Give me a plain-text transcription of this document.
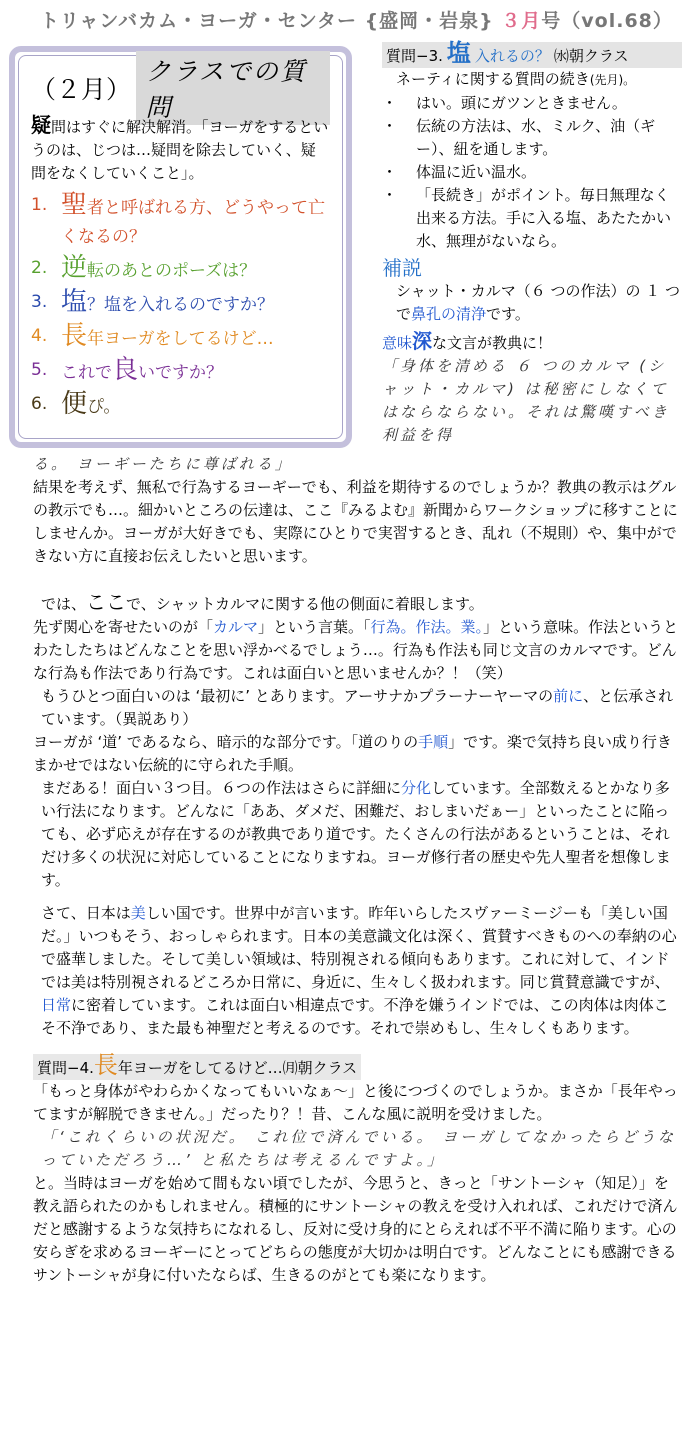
トリャンバカム・ヨーガ・センター {盛岡・岩泉} ３月号（vol.68）
（２月）
クラスでの質問
疑問はすぐに解決解消。「ヨーガをするというのは、じつは…疑問を除去していく、疑問をなくしていくこと」。
1. 聖者と呼ばれる方、どうやって亡くなるの？
2. 逆転のあとのポーズは？
3. 塩？塩を入れるのですか？
4. 長年ヨーガをしてるけど…
5. これで良いですか？
6. 便ぴ。
質問−3. 塩 入れるの？ ㈬朝クラス
ネーティに関する質問の続き(先月)。
・	はい。頭にガツンときません。
・	伝統の方法は、水、ミルク、油（ギー）、紐を通します。
・	体温に近い温水。
・	「長続き」がポイント。毎日無理なく出来る方法。手に入る塩、あたたかい水、無理がないなら。
補説
シャット・カルマ（６ つの作法）の １ つで鼻孔の清浄です。
意味深な文言が教典に！
「身体を清める ６ つのカルマ (シャット・カルマ) は秘密にしなくてはならならない。それは驚嘆すべき利益を得

る。 ヨーギーたちに尊ばれる」

結果を考えず、無私で行為するヨーギーでも、利益を期待するのでしょうか？教典の教示はグルの教示でも…。細かいところの伝達は、ここ『みるよむ』新聞からワークショップに移すことにしませんか。ヨーガが大好きでも、実際にひとりで実習するとき、乱れ（不規則）や、集中ができない方に直接お伝えしたいと思います。

では、ここで、シャットカルマに関する他の側面に着眼します。

先ず関心を寄せたいのが「カルマ」という言葉。「行為。作法。業。」という意味。作法というとわたしたちはどんなことを思い浮かべるでしょう…。行為も作法も同じ文言のカルマです。どんな行為も作法であり行為です。これは面白いと思いませんか？！（笑）

もうひとつ面白いのは ‘最初に’ とあります。アーサナかプラーナーヤーマの前に、と伝承されています。（異説あり）

ヨーガが ‘道’ であるなら、暗示的な部分です。「道のりの手順」です。楽で気持ち良い成り行きまかせではない伝統的に守られた手順。

まだある！面白い３つ目。６つの作法はさらに詳細に分化しています。全部数えるとかなり多い行法になります。どんなに「ああ、ダメだ、困難だ、おしまいだぁー」といったことに陥っても、必ず応えが存在するのが教典であり道です。たくさんの行法があるということは、それだけ多くの状況に対応していることになりますね。ヨーガ修行者の歴史や先人聖者を想像します。

さて、日本は美しい国です。世界中が言います。昨年いらしたスヴァーミージーも「美しい国だ。」いつもそう、おっしゃられます。日本の美意識文化は深く、賞賛すべきものへの奉納の心で盛華しました。そして美しい領域は、特別視される傾向もあります。これに対して、インドでは美は特別視されるどころか日常に、身近に、生々しく扱われます。同じ賞賛意識ですが、日常に密着しています。これは面白い相違点です。不浄を嫌うインドでは、この肉体は肉体こそ不浄であり、また最も神聖だと考えるのです。それで崇めもし、生々しくもあります。

質問−4. 長 年ヨーガをしてるけど… ㈪朝クラス

「もっと身体がやわらかくなってもいいなぁ～」と後につづくのでしょうか。まさか「長年やってますが解脱できません。」だったり？！昔、こんな風に説明を受けました。

「‘これくらいの状況だ。 これ位で済んでいる。 ヨーガしてなかったらどうなっていただろう…’ と私たちは考えるんですよ。」

と。当時はヨーガを始めて間もない頃でしたが、今思うと、きっと「サントーシャ（知足）」を教え語られたのかもしれません。積極的にサントーシャの教えを受け入れれば、これだけで済んだと感謝するような気持ちになれるし、反対に受け身的にとらえれば不平不満に陥ります。心の安らぎを求めるヨーギーにとってどちらの態度が大切かは明白です。どんなことにも感謝できるサントーシャが身に付いたならば、生きるのがとても楽になります。
